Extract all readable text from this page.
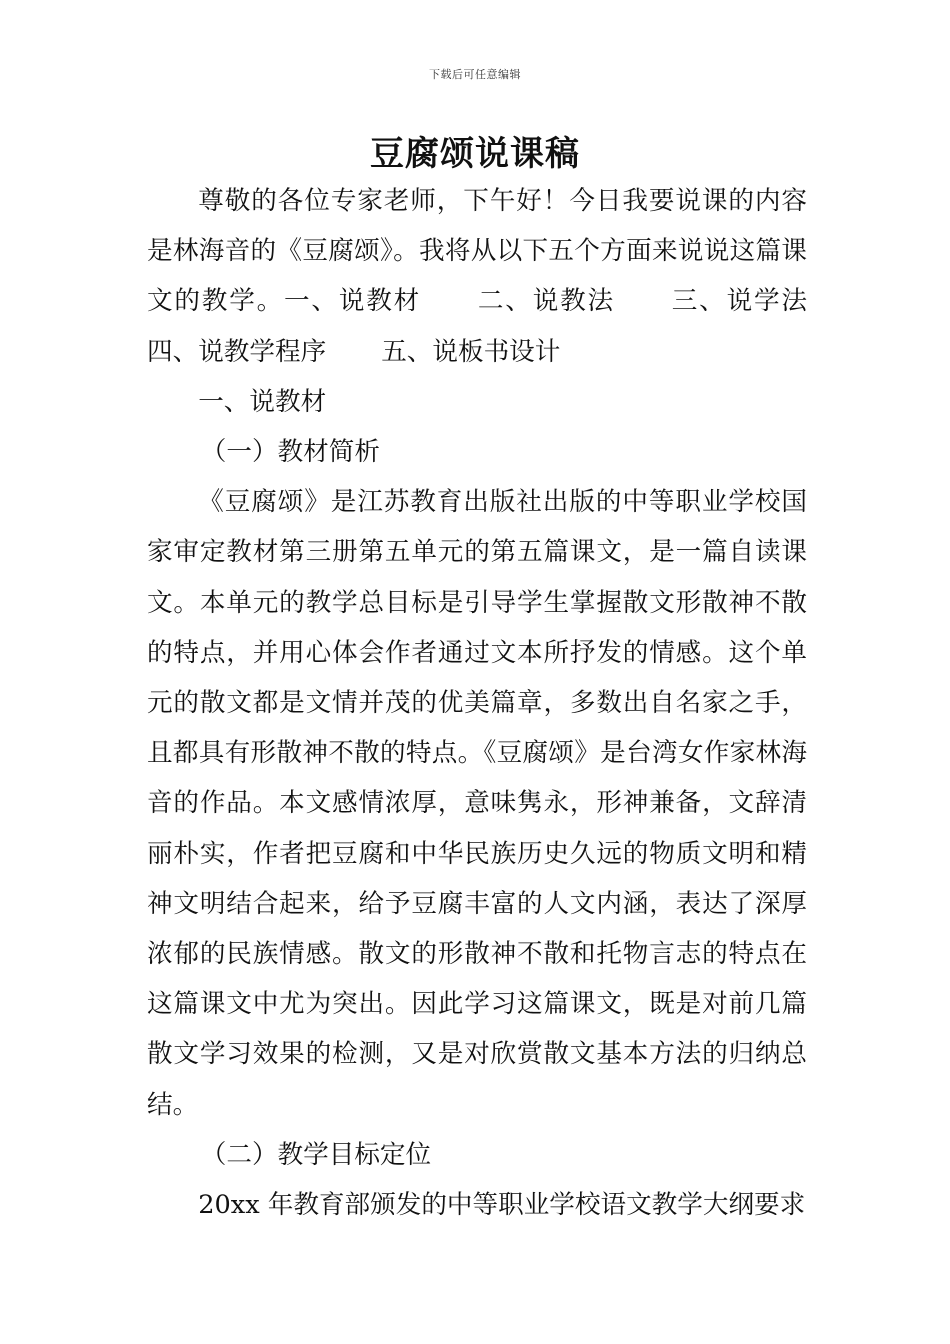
下载后可任意编辑
豆腐颂说课稿

尊敬的各位专家老师，下午好！今日我要说课的内容是林海音的《豆腐颂》。我将从以下五个方面来说说这篇课文的教学。一、说教材 二、说教法 三、说学法四、说教学程序 五、说板书设计

一、说教材

（一）教材简析

《豆腐颂》是江苏教育出版社出版的中等职业学校国家审定教材第三册第五单元的第五篇课文，是一篇自读课文。本单元的教学总目标是引导学生掌握散文形散神不散的特点，并用心体会作者通过文本所抒发的情感。这个单元的散文都是文情并茂的优美篇章，多数出自名家之手，且都具有形散神不散的特点。《豆腐颂》是台湾女作家林海音的作品。本文感情浓厚，意味隽永，形神兼备，文辞清丽朴实，作者把豆腐和中华民族历史久远的物质文明和精神文明结合起来，给予豆腐丰富的人文内涵，表达了深厚浓郁的民族情感。散文的形散神不散和托物言志的特点在这篇课文中尤为突出。因此学习这篇课文，既是对前几篇散文学习效果的检测，又是对欣赏散文基本方法的归纳总结。

（二）教学目标定位

20xx 年教育部颁发的中等职业学校语文教学大纲要求
